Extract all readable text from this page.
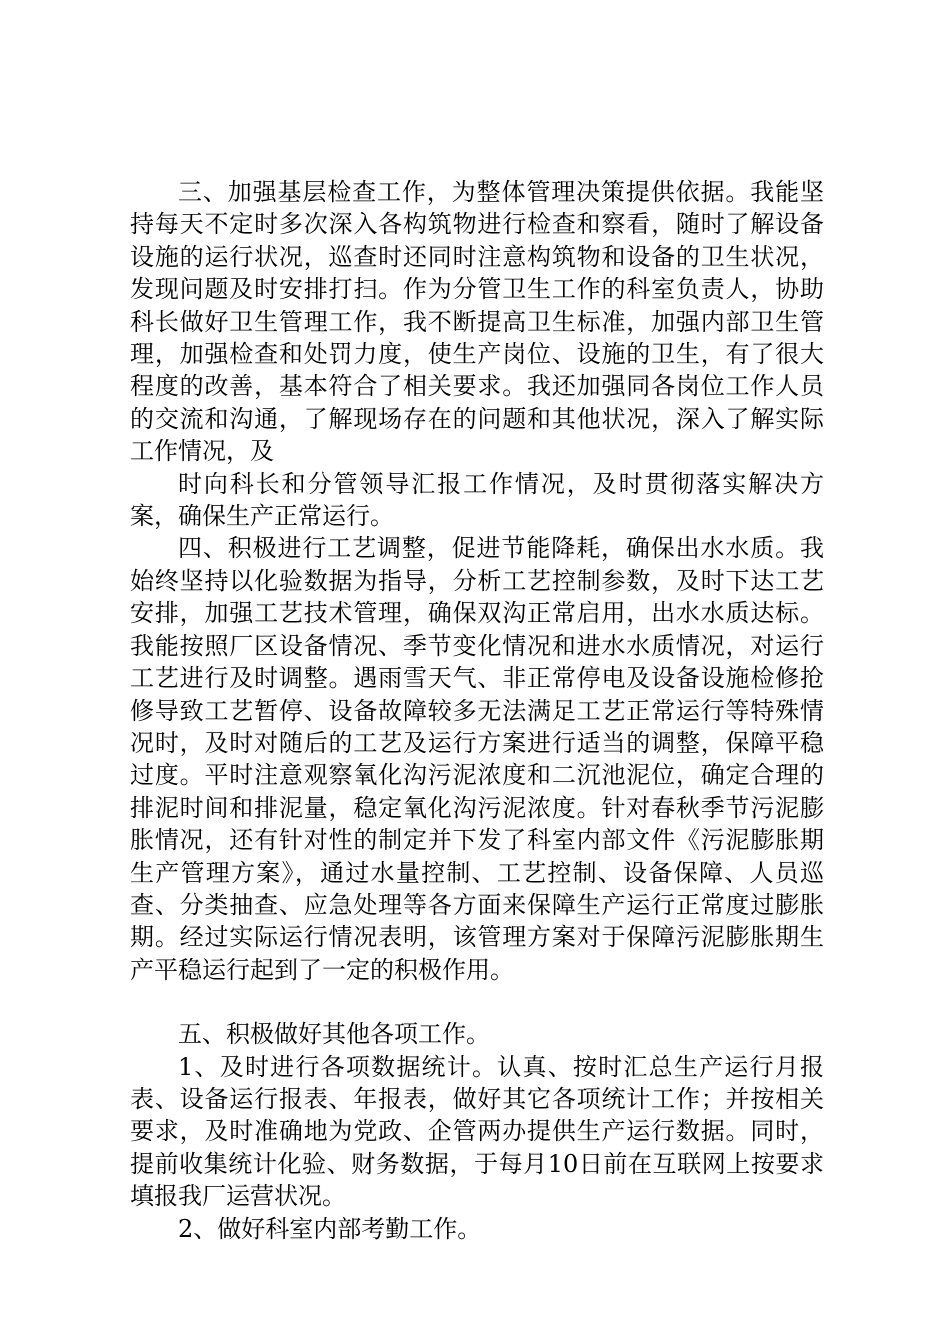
三、加强基层检查工作，为整体管理决策提供依据。我能坚持每天不定时多次深入各构筑物进行检查和察看，随时了解设备设施的运行状况，巡查时还同时注意构筑物和设备的卫生状况，发现问题及时安排打扫。作为分管卫生工作的科室负责人，协助科长做好卫生管理工作，我不断提高卫生标准，加强内部卫生管理，加强检查和处罚力度，使生产岗位、设施的卫生，有了很大程度的改善，基本符合了相关要求。我还加强同各岗位工作人员的交流和沟通，了解现场存在的问题和其他状况，深入了解实际工作情况，及

时向科长和分管领导汇报工作情况，及时贯彻落实解决方案，确保生产正常运行。

四、积极进行工艺调整，促进节能降耗，确保出水水质。我始终坚持以化验数据为指导，分析工艺控制参数，及时下达工艺安排，加强工艺技术管理，确保双沟正常启用，出水水质达标。我能按照厂区设备情况、季节变化情况和进水水质情况，对运行工艺进行及时调整。遇雨雪天气、非正常停电及设备设施检修抢修导致工艺暂停、设备故障较多无法满足工艺正常运行等特殊情况时，及时对随后的工艺及运行方案进行适当的调整，保障平稳过度。平时注意观察氧化沟污泥浓度和二沉池泥位，确定合理的排泥时间和排泥量，稳定氧化沟污泥浓度。针对春秋季节污泥膨胀情况，还有针对性的制定并下发了科室内部文件《污泥膨胀期生产管理方案》，通过水量控制、工艺控制、设备保障、人员巡查、分类抽查、应急处理等各方面来保障生产运行正常度过膨胀期。经过实际运行情况表明，该管理方案对于保障污泥膨胀期生产平稳运行起到了一定的积极作用。

五、积极做好其他各项工作。

1、及时进行各项数据统计。认真、按时汇总生产运行月报表、设备运行报表、年报表，做好其它各项统计工作；并按相关要求，及时准确地为党政、企管两办提供生产运行数据。同时，提前收集统计化验、财务数据，于每月10日前在互联网上按要求填报我厂运营状况。

2、做好科室内部考勤工作。
